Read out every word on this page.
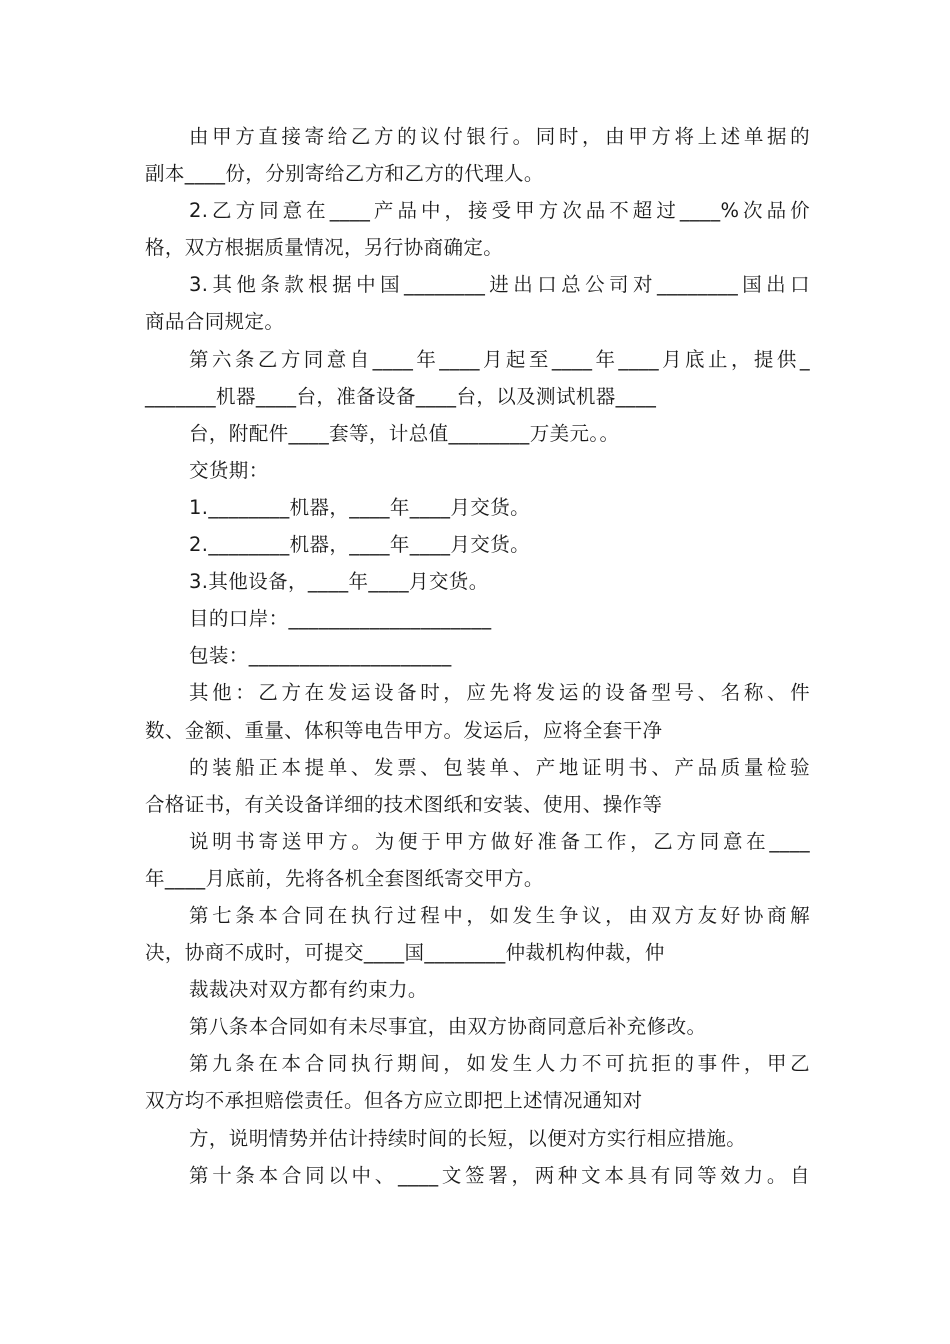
由甲方直接寄给乙方的议付银行。同时，由甲方将上述单据的
副本____份，分别寄给乙方和乙方的代理人。
2.乙方同意在____产品中，接受甲方次品不超过____%次品价
格，双方根据质量情况，另行协商确定。
3.其他条款根据中国________进出口总公司对________国出口
商品合同规定。
第六条乙方同意自____年____月起至____年____月底止，提供_
_______机器____台，准备设备____台，以及测试机器____
台，附配件____套等，计总值________万美元。。
交货期：
1.________机器，____年____月交货。
2.________机器，____年____月交货。
3.其他设备，____年____月交货。
目的口岸：____________________
包装：____________________
其他：乙方在发运设备时，应先将发运的设备型号、名称、件
数、金额、重量、体积等电告甲方。发运后，应将全套干净
的装船正本提单、发票、包装单、产地证明书、产品质量检验
合格证书，有关设备详细的技术图纸和安装、使用、操作等
说明书寄送甲方。为便于甲方做好准备工作，乙方同意在____
年____月底前，先将各机全套图纸寄交甲方。
第七条本合同在执行过程中，如发生争议，由双方友好协商解
决，协商不成时，可提交____国________仲裁机构仲裁，仲
裁裁决对双方都有约束力。
第八条本合同如有未尽事宜，由双方协商同意后补充修改。
第九条在本合同执行期间，如发生人力不可抗拒的事件，甲乙
双方均不承担赔偿责任。但各方应立即把上述情况通知对
方，说明情势并估计持续时间的长短，以便对方实行相应措施。
第十条本合同以中、____文签署，两种文本具有同等效力。自
